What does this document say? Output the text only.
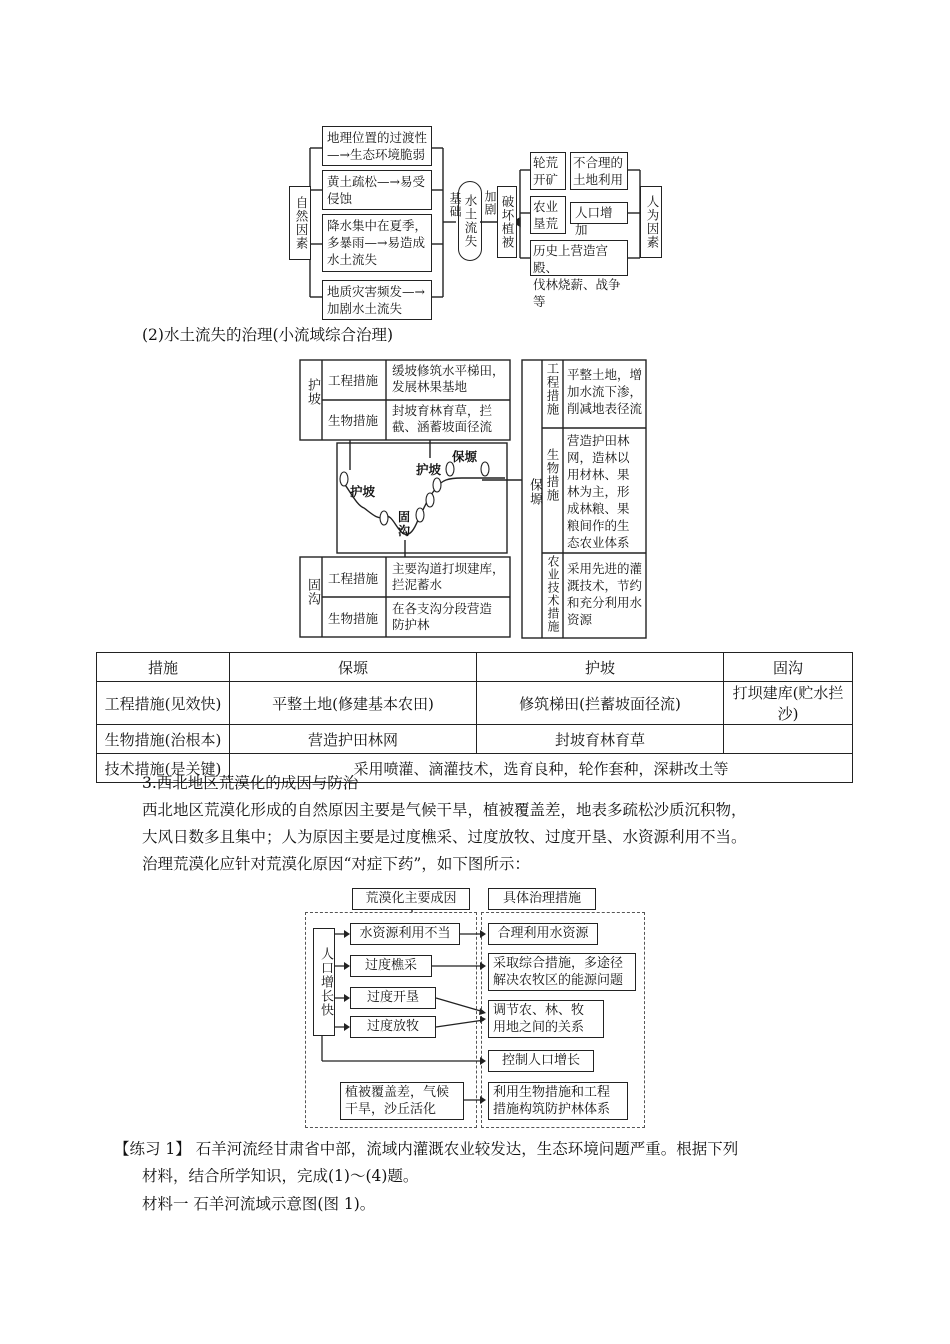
自然因素
地理位置的过渡性
—→生态环境脆弱
黄土疏松—→易受
侵蚀
降水集中在夏季，
多暴雨—→易造成
水土流失
地质灾害频发—→
加剧水土流失
基础 水土流失 加剧 破坏植被
轮荒
开矿
不合理的
土地利用
农业
垦荒
人口增加
历史上营造宫殿、
伐林烧薪、战争等
人为因素
(2)水土流失的治理(小流域综合治理)
护坡 工程措施
生物措施
缓坡修筑水平梯田，
发展林果基地
封坡育林育草，拦
截、涵蓄坡面径流
护坡
护坡
保塬
固
沟
固沟 工程措施
生物措施
主要沟道打坝建库，
拦泥蓄水
在各支沟分段营造
防护林
保塬
工程措施
生物措施
农业技术措施
平整土地，增
加水流下渗，
削减地表径流
营造护田林
网，造林以
用材林、果
林为主，形
成林粮、果
粮间作的生
态农业体系
采用先进的灌
溉技术，节约
和充分利用水
资源
措施	保塬	护坡	固沟
工程措施(见效快)	平整土地(修建基本农田)	修筑梯田(拦蓄坡面径流)	打坝建库(贮水拦沙)
生物措施(治根本)	营造护田林网	封坡育林育草	
技术措施(是关键)	采用喷灌、滴灌技术，选育良种，轮作套种，深耕改土等		
3.西北地区荒漠化的成因与防治
西北地区荒漠化形成的自然原因主要是气候干旱，植被覆盖差，地表多疏松沙质沉积物，
大风日数多且集中；人为原因主要是过度樵采、过度放牧、过度开垦、水资源利用不当。
治理荒漠化应针对荒漠化原因“对症下药”，如下图所示：
荒漠化主要成因	具体治理措施
人口增长快
水资源利用不当
过度樵采
过度开垦
过度放牧
植被覆盖差，气候
干旱，沙丘活化
合理利用水资源
采取综合措施，多途径
解决农牧区的能源问题
调节农、林、牧
用地之间的关系
控制人口增长
利用生物措施和工程
措施构筑防护林体系
【练习 1】 石羊河流经甘肃省中部，流域内灌溉农业较发达，生态环境问题严重。根据下列
材料，结合所学知识，完成(1)～(4)题。
材料一 石羊河流域示意图(图 1)。
